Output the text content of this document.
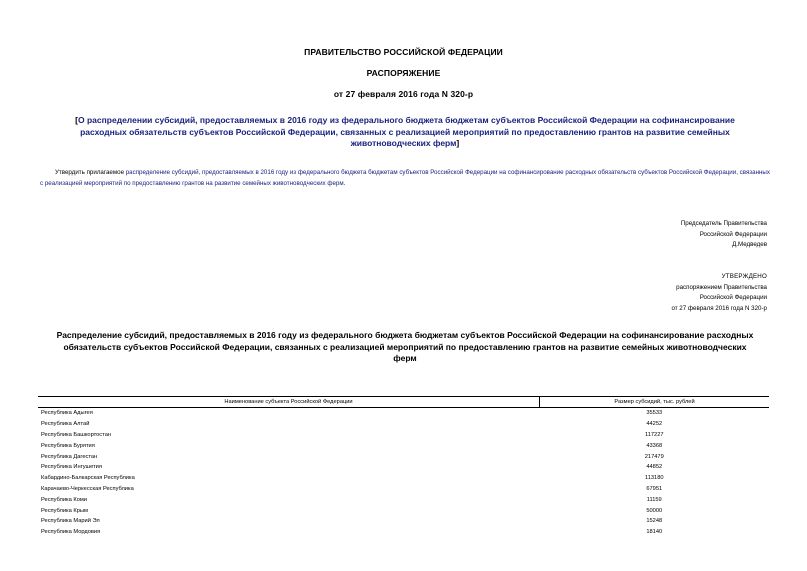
ПРАВИТЕЛЬСТВО РОССИЙСКОЙ ФЕДЕРАЦИИ
РАСПОРЯЖЕНИЕ
от 27 февраля 2016 года N 320-р
[О распределении субсидий, предоставляемых в 2016 году из федерального бюджета бюджетам субъектов Российской Федерации на софинансирование расходных обязательств субъектов Российской Федерации, связанных с реализацией мероприятий по предоставлению грантов на развитие семейных животноводческих ферм]
Утвердить прилагаемое распределение субсидий, предоставляемых в 2016 году из федерального бюджета бюджетам субъектов Российской Федерации на софинансирование расходных обязательств субъектов Российской Федерации, связанных с реализацией мероприятий по предоставлению грантов на развитие семейных животноводческих ферм.
Председатель Правительства
Российской Федерации
Д.Медведев
УТВЕРЖДЕНО
распоряжением Правительства
Российской Федерации
от 27 февраля 2016 года N 320-р
Распределение субсидий, предоставляемых в 2016 году из федерального бюджета бюджетам субъектов Российской Федерации на софинансирование расходных обязательств субъектов Российской Федерации, связанных с реализацией мероприятий по предоставлению грантов на развитие семейных животноводческих ферм
Наименование субъекта Российской Федерации	Размер субсидий, тыс. рублей
Республика Адыгея	35533
Республика Алтай	44252
Республика Башкортостан	117227
Республика Бурятия	43368
Республика Дагестан	217479
Республика Ингушетия	44852
Кабардино-Балкарская Республика	113180
Карачаево-Черкесская Республика	67951
Республика Коми	11159
Республика Крым	50000
Республика Марий Эл	15248
Республика Мордовия	18140
